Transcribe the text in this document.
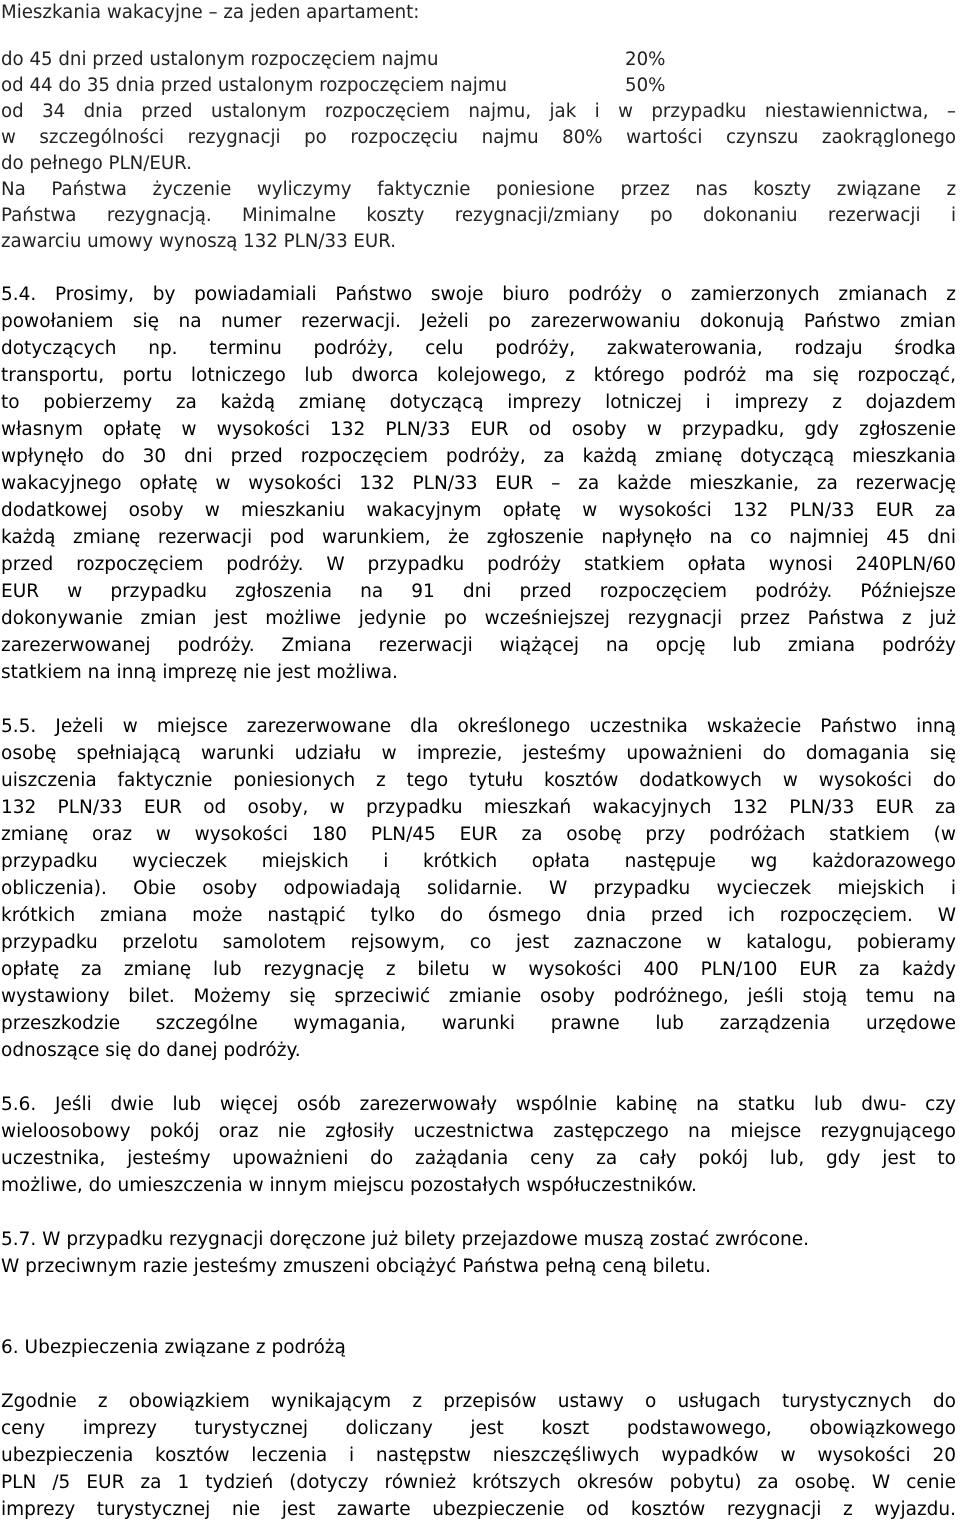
Mieszkania wakacyjne – za jeden apartament:
do 45 dni przed ustalonym rozpoczęciem najmu	20%
od 44 do 35 dnia przed ustalonym rozpoczęciem najmu	50%
od 34 dnia przed ustalonym rozpoczęciem najmu, jak i w przypadku niestawiennictwa, –
w szczególności rezygnacji po rozpoczęciu najmu 80% wartości czynszu zaokrąglonego
do pełnego PLN/EUR.
Na Państwa życzenie wyliczymy faktycznie poniesione przez nas koszty związane z
Państwa rezygnacją. Minimalne koszty rezygnacji/zmiany po dokonaniu rezerwacji i
zawarciu umowy wynoszą 132 PLN/33 EUR.
5.4. Prosimy, by powiadamiali Państwo swoje biuro podróży o zamierzonych zmianach z
powołaniem się na numer rezerwacji. Jeżeli po zarezerwowaniu dokonują Państwo zmian
dotyczących np. terminu podróży, celu podróży, zakwaterowania, rodzaju środka
transportu, portu lotniczego lub dworca kolejowego, z którego podróż ma się rozpocząć,
to pobierzemy za każdą zmianę dotyczącą imprezy lotniczej i imprezy z dojazdem
własnym opłatę w wysokości 132 PLN/33 EUR od osoby w przypadku, gdy zgłoszenie
wpłynęło do 30 dni przed rozpoczęciem podróży, za każdą zmianę dotyczącą mieszkania
wakacyjnego opłatę w wysokości 132 PLN/33 EUR – za każde mieszkanie, za rezerwację
dodatkowej osoby w mieszkaniu wakacyjnym opłatę w wysokości 132 PLN/33 EUR za
każdą zmianę rezerwacji pod warunkiem, że zgłoszenie napłynęło na co najmniej 45 dni
przed rozpoczęciem podróży. W przypadku podróży statkiem opłata wynosi 240PLN/60
EUR w przypadku zgłoszenia na 91 dni przed rozpoczęciem podróży. Późniejsze
dokonywanie zmian jest możliwe jedynie po wcześniejszej rezygnacji przez Państwa z już
zarezerwowanej podróży. Zmiana rezerwacji wiążącej na opcję lub zmiana podróży
statkiem na inną imprezę nie jest możliwa.
5.5. Jeżeli w miejsce zarezerwowane dla określonego uczestnika wskażecie Państwo inną
osobę spełniającą warunki udziału w imprezie, jesteśmy upoważnieni do domagania się
uiszczenia faktycznie poniesionych z tego tytułu kosztów dodatkowych w wysokości do
132 PLN/33 EUR od osoby, w przypadku mieszkań wakacyjnych 132 PLN/33 EUR za
zmianę oraz w wysokości 180 PLN/45 EUR za osobę przy podróżach statkiem (w
przypadku wycieczek miejskich i krótkich opłata następuje wg każdorazowego
obliczenia). Obie osoby odpowiadają solidarnie. W przypadku wycieczek miejskich i
krótkich zmiana może nastąpić tylko do ósmego dnia przed ich rozpoczęciem. W
przypadku przelotu samolotem rejsowym, co jest zaznaczone w katalogu, pobieramy
opłatę za zmianę lub rezygnację z biletu w wysokości 400 PLN/100 EUR za każdy
wystawiony bilet. Możemy się sprzeciwić zmianie osoby podróżnego, jeśli stoją temu na
przeszkodzie szczególne wymagania, warunki prawne lub zarządzenia urzędowe
odnoszące się do danej podróży.
5.6. Jeśli dwie lub więcej osób zarezerwowały wspólnie kabinę na statku lub dwu- czy
wieloosobowy pokój oraz nie zgłosiły uczestnictwa zastępczego na miejsce rezygnującego
uczestnika, jesteśmy upoważnieni do zażądania ceny za cały pokój lub, gdy jest to
możliwe, do umieszczenia w innym miejscu pozostałych współuczestników.
5.7. W przypadku rezygnacji doręczone już bilety przejazdowe muszą zostać zwrócone.
W przeciwnym razie jesteśmy zmuszeni obciążyć Państwa pełną ceną biletu.
6. Ubezpieczenia związane z podróżą
Zgodnie z obowiązkiem wynikającym z przepisów ustawy o usługach turystycznych do
ceny imprezy turystycznej doliczany jest koszt podstawowego, obowiązkowego
ubezpieczenia kosztów leczenia i następstw nieszczęśliwych wypadków w wysokości 20
PLN /5 EUR za 1 tydzień (dotyczy również krótszych okresów pobytu) za osobę. W cenie
imprezy turystycznej nie jest zawarte ubezpieczenie od kosztów rezygnacji z wyjazdu.
